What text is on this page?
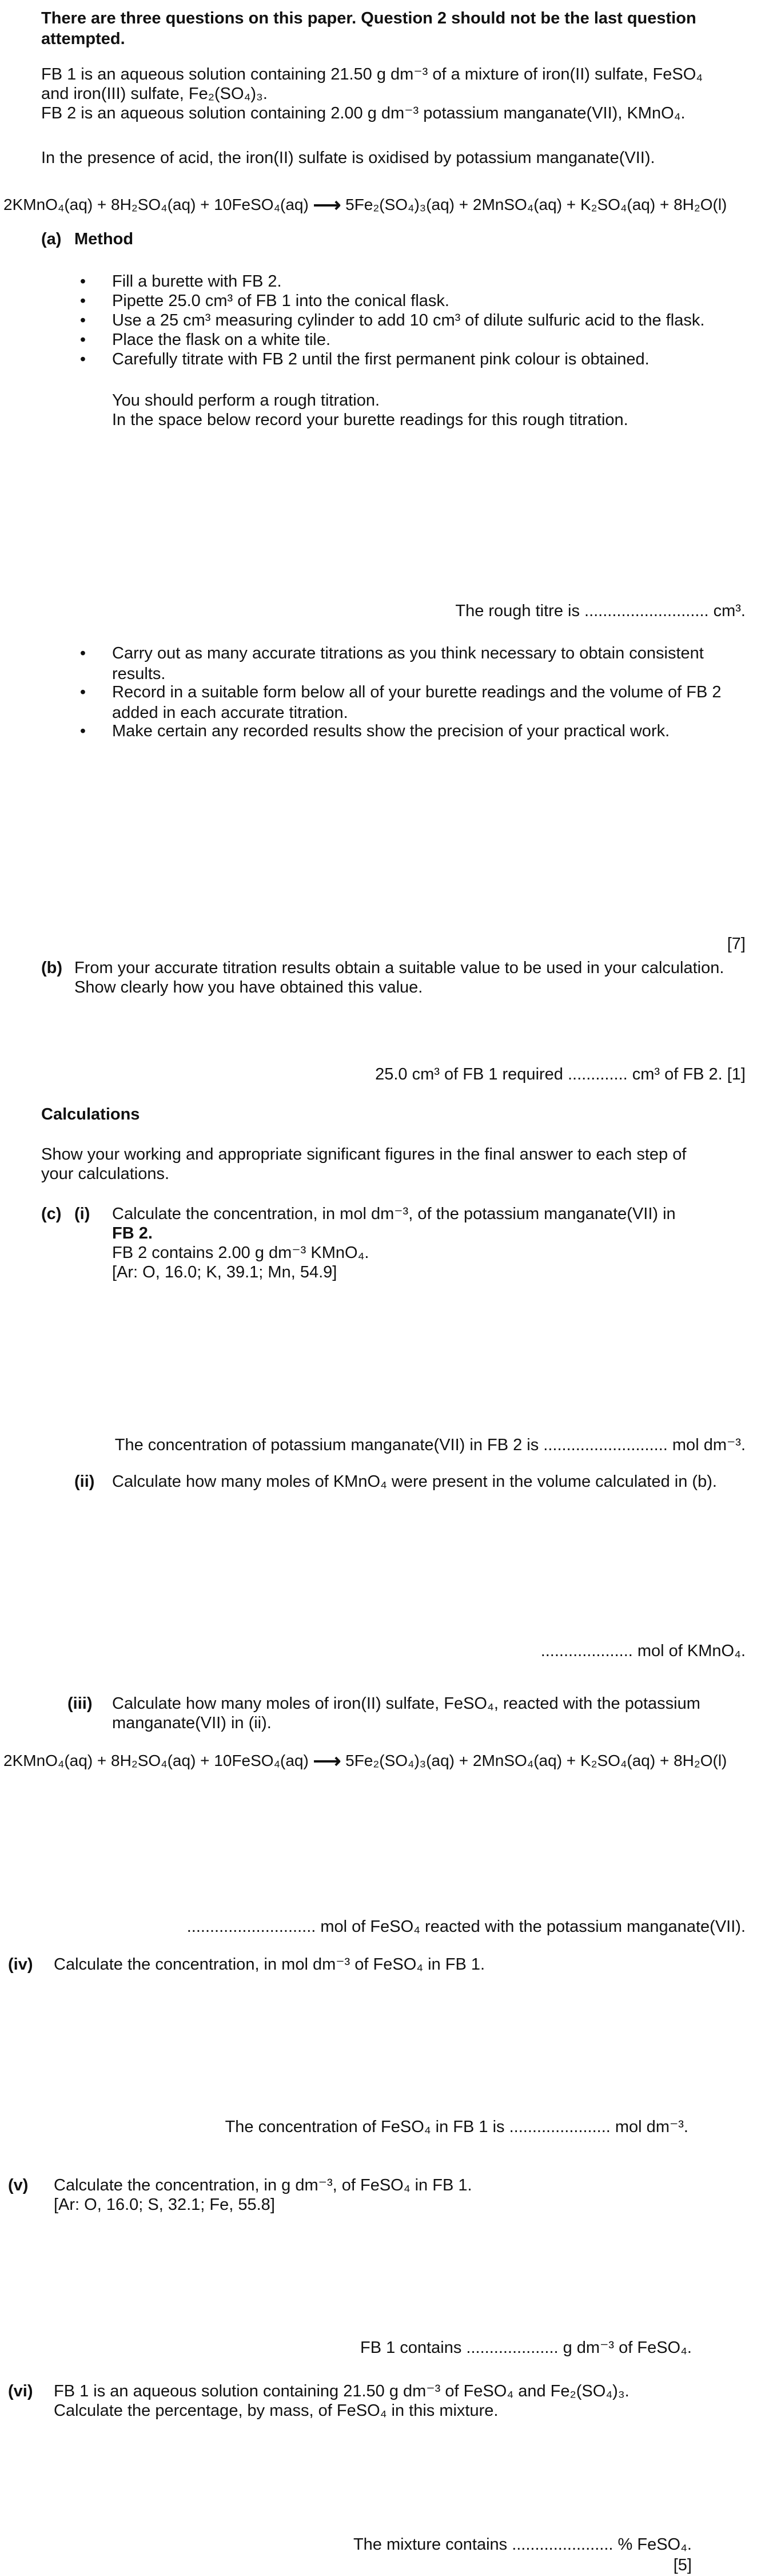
There are three questions on this paper. Question 2 should not be the last question attempted.
FB 1 is an aqueous solution containing 21.50 g dm⁻³ of a mixture of iron(II) sulfate, FeSO₄
and iron(III) sulfate, Fe₂(SO₄)₃.
FB 2 is an aqueous solution containing 2.00 g dm⁻³ potassium manganate(VII), KMnO₄.
In the presence of acid, the iron(II) sulfate is oxidised by potassium manganate(VII).
2KMnO₄(aq) + 8H₂SO₄(aq) + 10FeSO₄(aq) ⟶ 5Fe₂(SO₄)₃(aq) + 2MnSO₄(aq) + K₂SO₄(aq) + 8H₂O(l)
(a) Method
•	Fill a burette with FB 2.
•	Pipette 25.0 cm³ of FB 1 into the conical flask.
•	Use a 25 cm³ measuring cylinder to add 10 cm³ of dilute sulfuric acid to the flask.
•	Place the flask on a white tile.
•	Carefully titrate with FB 2 until the first permanent pink colour is obtained.
You should perform a rough titration.
In the space below record your burette readings for this rough titration.
The rough titre is ........................... cm³.
•	Carry out as many accurate titrations as you think necessary to obtain consistent results.
•	Record in a suitable form below all of your burette readings and the volume of FB 2 added in each accurate titration.
•	Make certain any recorded results show the precision of your practical work.
[7]
(b) From your accurate titration results obtain a suitable value to be used in your calculation.
Show clearly how you have obtained this value.
25.0 cm³ of FB 1 required ............. cm³ of FB 2. [1]
Calculations
Show your working and appropriate significant figures in the final answer to each step of
your calculations.
(c) (i) Calculate the concentration, in mol dm⁻³, of the potassium manganate(VII) in
FB 2.
FB 2 contains 2.00 g dm⁻³ KMnO₄.
[Ar: O, 16.0; K, 39.1; Mn, 54.9]
The concentration of potassium manganate(VII) in FB 2 is ........................... mol dm⁻³.
(ii) Calculate how many moles of KMnO₄ were present in the volume calculated in (b).
.................... mol of KMnO₄.
(iii) Calculate how many moles of iron(II) sulfate, FeSO₄, reacted with the potassium
manganate(VII) in (ii).
2KMnO₄(aq) + 8H₂SO₄(aq) + 10FeSO₄(aq) ⟶ 5Fe₂(SO₄)₃(aq) + 2MnSO₄(aq) + K₂SO₄(aq) + 8H₂O(l)
............................ mol of FeSO₄ reacted with the potassium manganate(VII).
(iv) Calculate the concentration, in mol dm⁻³ of FeSO₄ in FB 1.
The concentration of FeSO₄ in FB 1 is ...................... mol dm⁻³.
(v) Calculate the concentration, in g dm⁻³, of FeSO₄ in FB 1.
[Ar: O, 16.0; S, 32.1; Fe, 55.8]
FB 1 contains .................... g dm⁻³ of FeSO₄.
(vi) FB 1 is an aqueous solution containing 21.50 g dm⁻³ of FeSO₄ and Fe₂(SO₄)₃.
Calculate the percentage, by mass, of FeSO₄ in this mixture.
The mixture contains ...................... % FeSO₄.
[5]
